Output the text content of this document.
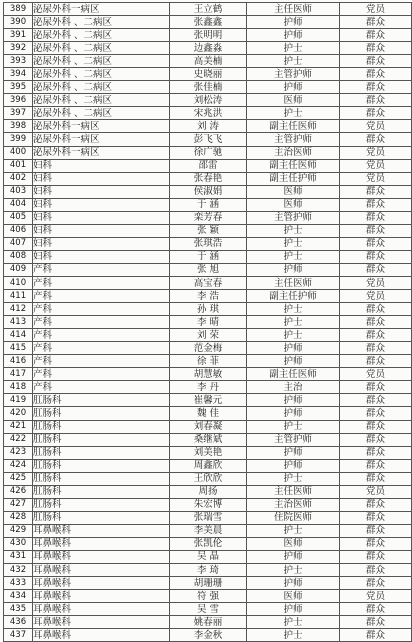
389	泌尿外科一病区	王立鹤	主任医师	党员
390	泌尿外科 、二病区	张鑫鑫	护师	群众
391	泌尿外科 、二病区	张明明	护师	群众
392	泌尿外科 、二病区	边鑫淼	护士	群众
393	泌尿外科 、二病区	高美楠	护士	群众
394	泌尿外科 、二病区	史晓丽	主管护师	群众
395	泌尿外科 、二病区	张佳楠	护师	群众
396	泌尿外科 、二病区	刘松涛	医师	群众
397	泌尿外科 、二病区	宋兆洪	护士	群众
398	泌尿外科一病区	刘 涛	副主任医师	党员
399	泌尿外科一病区	彭飞飞	主管护师	群众
400	泌尿外科一病区	徐广驰	主治医师	党员
401	妇科	邵雷	副主任医师	党员
402	妇科	张春艳	副主任护师	党员
403	妇科	侯淑娟	医师	群众
404	妇科	于 涵	医师	群众
405	妇科	栾芳春	主管护师	群众
406	妇科	张 颖	护士	群众
407	妇科	张琪浩	护士	群众
408	妇科	于 涵	护士	群众
409	产科	张 旭	护师	群众
410	产科	高宝春	主任医师	党员
411	产科	李 浩	副主任护师	党员
412	产科	孙 琪	护士	群众
413	产科	李 晴	护士	群众
414	产科	刘 荣	护士	群众
415	产科	范金梅	护师	群众
416	产科	徐 菲	护师	群众
417	产科	胡慧敏	副主任医师	党员
418	产科	李 丹	主治	群众
419	肛肠科	崔馨元	护师	群众
420	肛肠科	魏 佳	护师	群众
421	肛肠科	刘春凝	护士	群众
422	肛肠科	桑继斌	主管护师	群众
423	肛肠科	刘美艳	护师	群众
424	肛肠科	周鑫欣	护师	群众
425	肛肠科	王欣欣	护士	群众
426	肛肠科	周扬	主任医师	党员
427	肛肠科	朱宏博	主治医师	群众
428	肛肠科	张瑞雪	住院医师	群众
429	耳鼻喉科	李美晨	护士	群众
430	耳鼻喉科	张凯伦	医师	群众
431	耳鼻喉科	吴 晶	护师	群众
432	耳鼻喉科	李 琦	护士	群众
433	耳鼻喉科	胡珊珊	护师	群众
434	耳鼻喉科	符 强	医师	党员
435	耳鼻喉科	吴 雪	护师	群众
436	耳鼻喉科	姚春丽	护士	群众
437	耳鼻喉科	李金秋	护士	群众
